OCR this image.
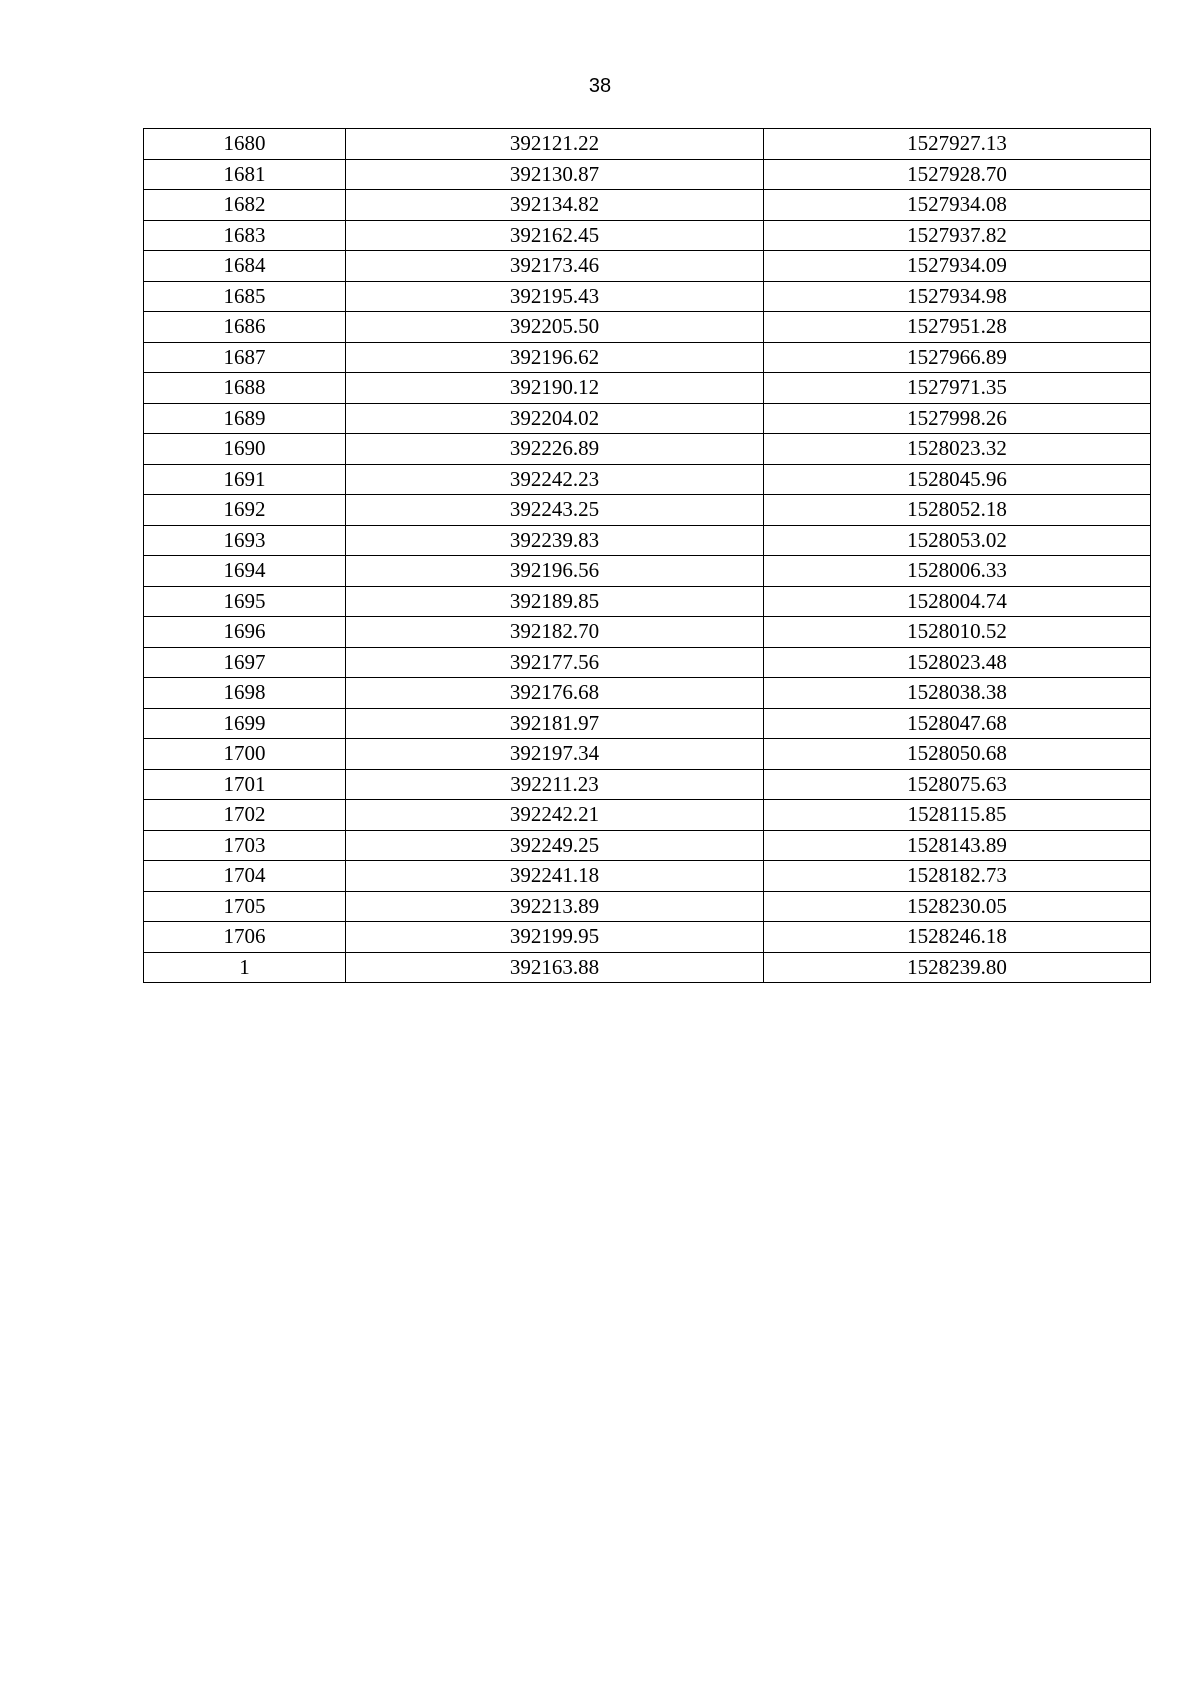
38
1680	392121.22	1527927.13
1681	392130.87	1527928.70
1682	392134.82	1527934.08
1683	392162.45	1527937.82
1684	392173.46	1527934.09
1685	392195.43	1527934.98
1686	392205.50	1527951.28
1687	392196.62	1527966.89
1688	392190.12	1527971.35
1689	392204.02	1527998.26
1690	392226.89	1528023.32
1691	392242.23	1528045.96
1692	392243.25	1528052.18
1693	392239.83	1528053.02
1694	392196.56	1528006.33
1695	392189.85	1528004.74
1696	392182.70	1528010.52
1697	392177.56	1528023.48
1698	392176.68	1528038.38
1699	392181.97	1528047.68
1700	392197.34	1528050.68
1701	392211.23	1528075.63
1702	392242.21	1528115.85
1703	392249.25	1528143.89
1704	392241.18	1528182.73
1705	392213.89	1528230.05
1706	392199.95	1528246.18
1	392163.88	1528239.80
